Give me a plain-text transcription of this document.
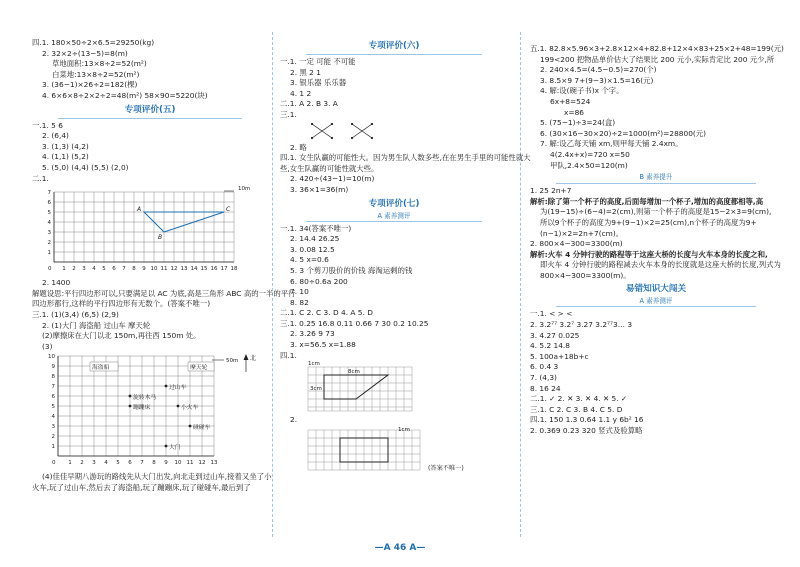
四.1. 180×50÷2×6.5=29250(kg)
2. 32×2÷(13−5)=8(m)
草地面积:13×8÷2=52(m²)
白菜地:13×8÷2=52(m²)
3. (36−1)×26÷2=182(棵)
4. 6×6×8÷2×2÷2=48(m²) 58×90=5220(块)
专项评价(五)
一.1. 5 6
2. (6,4)
3. (1,3) (4,2)
4. (1,1) (5,2)
5. (5,0) (4,4) (5,5) (2,0)
二.1.
A
B
C
10m
1
2
3
4
5
6
7
0 1 2 3 4 5 6 7 8 9 10 11 12 13 14 15 16 17 18
2. 1400
解题设思:平行四边形可以,只要满足以 AC 为底,高是三角形 ABC 高的一半的平行
四边形都行,这样的平行四边形有无数个。(答案不唯一)
三.1. (1)(3,4) (6,5) (2,9)
2. (1)大门 海盗船 过山车 摩天轮
(2)摩擦床在大门以北 150m,再往西 150m 处。
(3)
50m 北
海盗船	摩天轮
旋转木马
过山车
蹦蹦床	小火车
碰碰车
大门
1
2
3
4
5
6
7
8
9
10
0 1 2 3 4 5 6 7 8 9 10 11 12 13
(4)佳佳早期八游玩的路线先从大门出发,向北走到过山车,接着又坐了小
火车,玩了过山车,然后去了海盗船,玩了蹦蹦床,玩了碰碰车,最后到了
专项评价(六)
一.1. 一定 可能 不可能
2. 黑 2 1
3. 银乐器 乐乐器
4. 1 2
二.1. A 2. B 3. A
三.1.
2. 略
四.1. 女生队赢的可能性大。因为男生队人数多些,在在男生手里的可能性就大
些,女生队赢的可能性就大些。
2. 420÷(43−1)=10(m)
3. 36×1=36(m)
专项评价(七)
A 素养测评
一.1. 34(答案不唯一)
2. 14.4 26.25
3. 0.08 12.5
4. 5 x=0.6
5. 3 个剪刀股价的价钱 海淘运剩的钱
6. 80÷0.6a 200
7. 10
8. 82
二.1. C 2. C 3. D 4. A 5. D
三.1. 0.25 16.8 0.11 0.66 7 30 0.2 10.25
2. 3.26 9 73
3. x=56.5 x=1.88
四.1.
1cm
8cm
3cm
2.
1cm
(答案不唯一)
五.1. 82.8×5.96×3+2.8×12×4+82.8+12×4×83+25×2+48=199(元)
199<200 把物品单价估大了结果比 200 元小,实际肯定比 200 元少,所
2. 240×4.5=(4.5−0.5)=270(个)
3. 8.5×9 7+(9−3)×1.5=16(元)
4. 解:设(碗子书)x 个字。
6x+8=524
x=86
5. (75−1)÷3=24(盒)
6. (30×16−30×20)÷2=1000(m²)=28800(元)
7. 解:设乙每天铺 xm,则甲每天铺 2.4xm。
4(2.4x+x)=720 x=50
甲队,2.4×50=120(m)
B 素养提升
1. 25 2n+7
解析:除了第一个杯子的高度,后面每增加一个杯子,增加的高度都相等,高
为(19−15)÷(6−4)=2(cm),则第一个杯子的高度是15−2×3=9(cm),
所以9个杯子的高度为9+(9−1)×2=25(cm),n个杯子的高度为9+
(n−1)×2=2n+7(cm)。
2. 800×4−300=3300(m)
解析:火车 4 分钟行驶的路程等于这座大桥的长度与火车本身的长度之和,
即火车 4 分钟行驶的路程减去火车本身的长度就是这座大桥的长度,列式为
800×4−300=3300(m)。
易错知识大闯关
A 素养测评
一.1. < > <
2. 3.2⁷⁷ 3.2⁷ 3.27 3.2⁷⁷3… 3
3. 4.27 0.025
4. 5.2 14.8
5. 100a+18b+c
6. 0.4 3
7. (4,3)
8. 16 24
二.1. ✓ 2. ✕ 3. ✕ 4. ✕ 5. ✓
三.1. C 2. C 3. B 4. C 5. D
四.1. 150 1.3 0.64 1.1 y 6b² 16
2. 0.369 0.23 320 竖式及验算略
—A 46 A—
